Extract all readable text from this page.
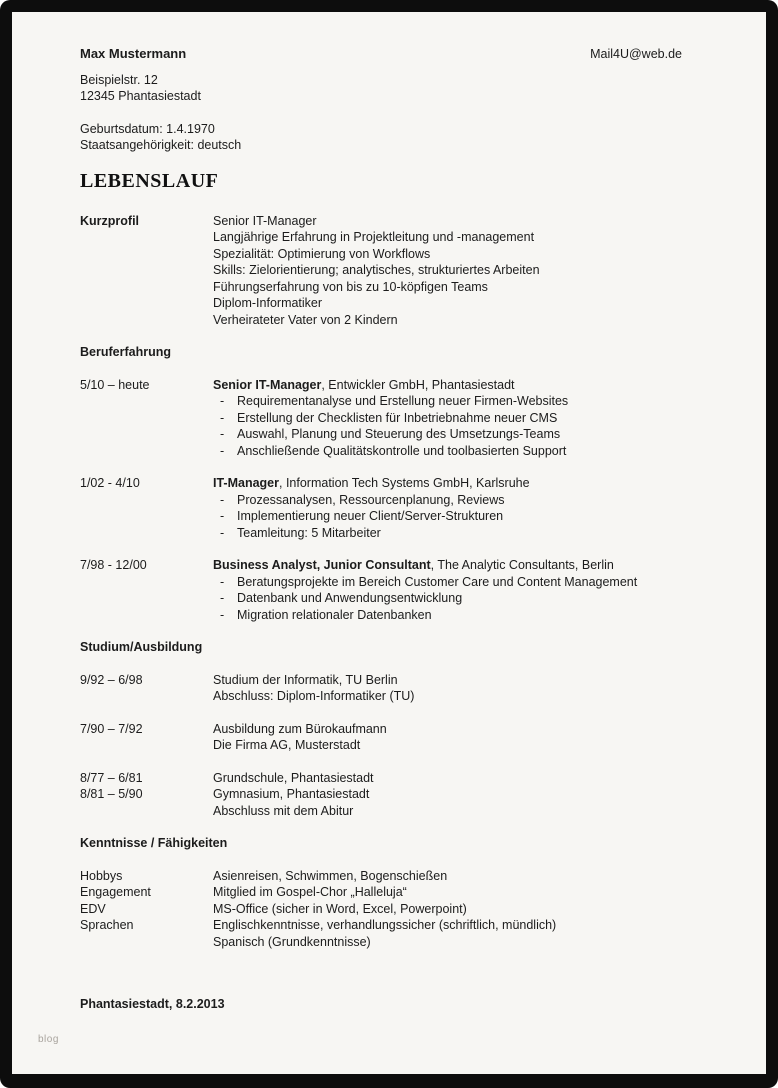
Max Mustermann	Mail4U@web.de
Beispielstr. 12
12345 Phantasiestadt
Geburtsdatum: 1.4.1970
Staatsangehörigkeit: deutsch
LEBENSLAUF
Kurzprofil	Senior IT-Manager
Langjährige Erfahrung in Projektleitung und -management
Spezialität: Optimierung von Workflows
Skills: Zielorientierung; analytisches, strukturiertes Arbeiten
Führungserfahrung von bis zu 10-köpfigen Teams
Diplom-Informatiker
Verheirateter Vater von 2 Kindern
Beruferfahrung
5/10 – heute	Senior IT-Manager, Entwickler GmbH, Phantasiestadt
-	Requirementanalyse und Erstellung neuer Firmen-Websites
-	Erstellung der Checklisten für Inbetriebnahme neuer CMS
-	Auswahl, Planung und Steuerung des Umsetzungs-Teams
-	Anschließende Qualitätskontrolle und toolbasierten Support
1/02 - 4/10	IT-Manager, Information Tech Systems GmbH, Karlsruhe
-	Prozessanalysen, Ressourcenplanung, Reviews
-	Implementierung neuer Client/Server-Strukturen
-	Teamleitung: 5 Mitarbeiter
7/98 - 12/00	Business Analyst, Junior Consultant, The Analytic Consultants, Berlin
-	Beratungsprojekte im Bereich Customer Care und Content Management
-	Datenbank und Anwendungsentwicklung
-	Migration relationaler Datenbanken
Studium/Ausbildung
9/92 – 6/98	Studium der Informatik, TU Berlin
Abschluss: Diplom-Informatiker (TU)
7/90 – 7/92	Ausbildung zum Bürokaufmann
Die Firma AG, Musterstadt
8/77 – 6/81	Grundschule, Phantasiestadt
8/81 – 5/90	Gymnasium, Phantasiestadt
Abschluss mit dem Abitur
Kenntnisse / Fähigkeiten
Hobbys	Asienreisen, Schwimmen, Bogenschießen
Engagement	Mitglied im Gospel-Chor „Halleluja“
EDV	MS-Office (sicher in Word, Excel, Powerpoint)
Sprachen	Englischkenntnisse, verhandlungssicher (schriftlich, mündlich)
Spanisch (Grundkenntnisse)
Phantasiestadt, 8.2.2013
blog
